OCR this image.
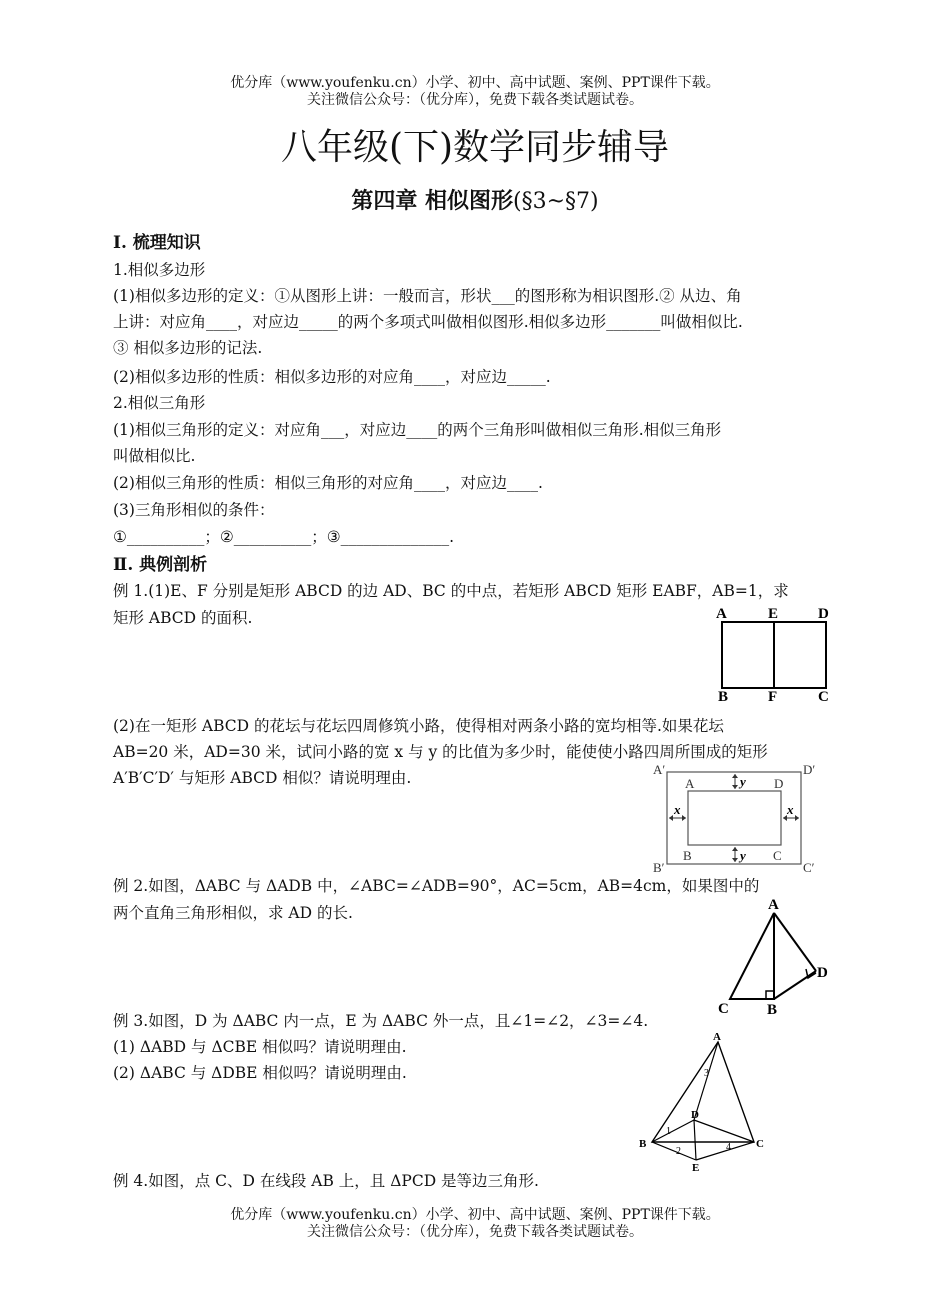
优分库（www.youfenku.cn）小学、初中、高中试题、案例、PPT课件下载。
关注微信公众号：（优分库），免费下载各类试题试卷。
八年级(下)数学同步辅导
第四章 相似图形(§3~§7)
Ⅰ. 梳理知识
1.相似多边形
(1)相似多边形的定义：①从图形上讲：一般而言，形状___的图形称为相识图形.② 从边、角
上讲：对应角____，对应边_____的两个多项式叫做相似图形.相似多边形_______叫做相似比.
③ 相似多边形的记法.
(2)相似多边形的性质：相似多边形的对应角____，对应边_____.
2.相似三角形
(1)相似三角形的定义：对应角___，对应边____的两个三角形叫做相似三角形.相似三角形
叫做相似比.
(2)相似三角形的性质：相似三角形的对应角____，对应边____.
(3)三角形相似的条件：
①__________；②__________；③______________.
Ⅱ. 典例剖析
例 1.(1)E、F 分别是矩形 ABCD 的边 AD、BC 的中点，若矩形 ABCD 矩形 EABF，AB=1，求
矩形 ABCD 的面积.	A	E	D
B	F	C
(2)在一矩形 ABCD 的花坛与花坛四周修筑小路，使得相对两条小路的宽均相等.如果花坛
AB=20 米，AD=30 米，试问小路的宽 x 与 y 的比值为多少时，能使使小路四周所围成的矩形
A′B′C′D′ 与矩形 ABCD 相似？请说明理由.	A′	D′
B′	C′
A	D
B	C
x	x
y
y
例 2.如图，ΔABC 与 ΔADB 中，∠ABC=∠ADB=90°，AC=5cm，AB=4cm，如果图中的
两个直角三角形相似，求 AD 的长.	A
D
C	B
例 3.如图，D 为 ΔABC 内一点，E 为 ΔABC 外一点，且∠1=∠2，∠3=∠4.
(1) ΔABD 与 ΔCBE 相似吗？请说明理由.
(2) ΔABC 与 ΔDBE 相似吗？请说明理由.
A
D
B	C
E
1
2
3
4
例 4.如图，点 C、D 在线段 AB 上，且 ΔPCD 是等边三角形.
优分库（www.youfenku.cn）小学、初中、高中试题、案例、PPT课件下载。
关注微信公众号：（优分库），免费下载各类试题试卷。
